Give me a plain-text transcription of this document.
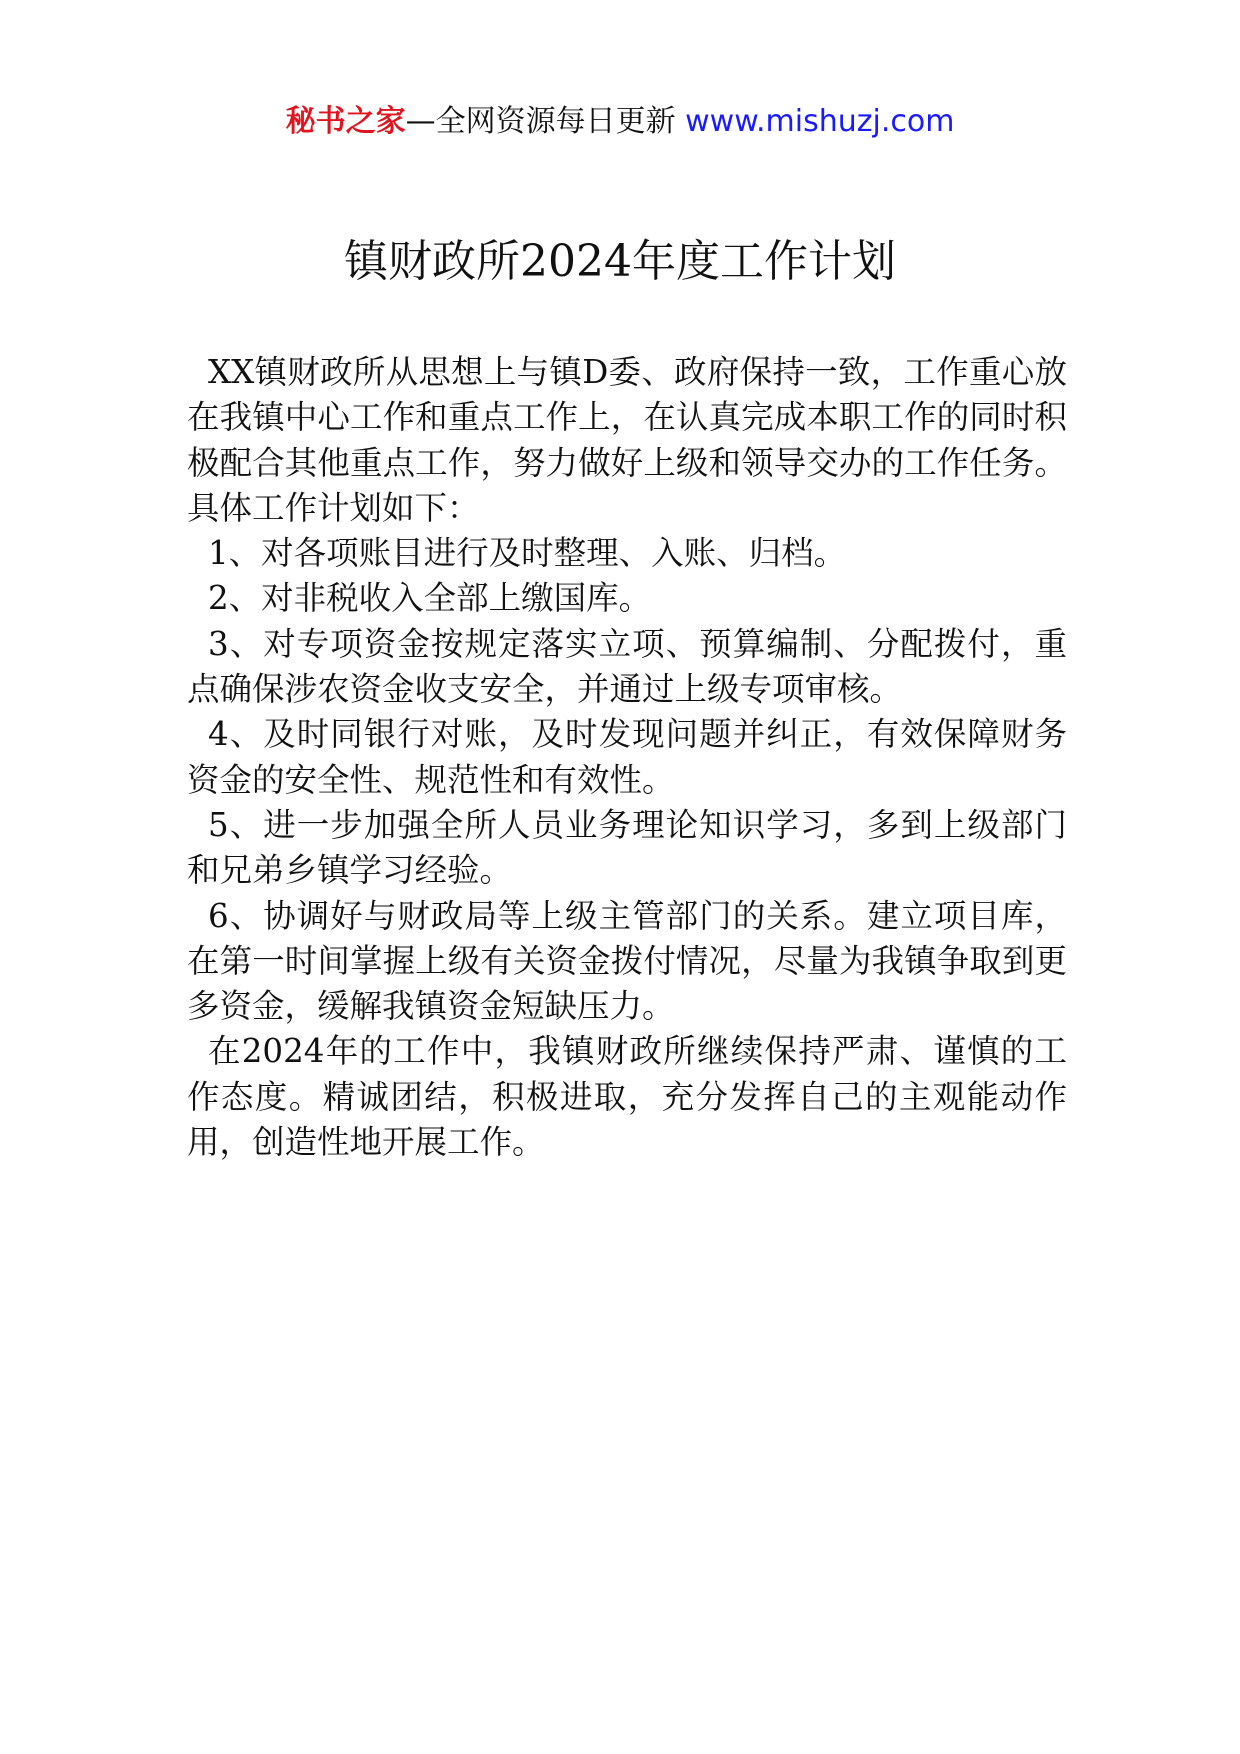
秘书之家—全网资源每日更新 www.mishuzj.com
镇财政所2024年度工作计划

XX镇财政所从思想上与镇D委、政府保持一致，工作重心放在我镇中心工作和重点工作上，在认真完成本职工作的同时积极配合其他重点工作，努力做好上级和领导交办的工作任务。具体工作计划如下：

1、对各项账目进行及时整理、入账、归档。

2、对非税收入全部上缴国库。

3、对专项资金按规定落实立项、预算编制、分配拨付，重点确保涉农资金收支安全，并通过上级专项审核。

4、及时同银行对账，及时发现问题并纠正，有效保障财务资金的安全性、规范性和有效性。

5、进一步加强全所人员业务理论知识学习，多到上级部门和兄弟乡镇学习经验。

6、协调好与财政局等上级主管部门的关系。建立项目库，在第一时间掌握上级有关资金拨付情况，尽量为我镇争取到更多资金，缓解我镇资金短缺压力。

在2024年的工作中，我镇财政所继续保持严肃、谨慎的工作态度。精诚团结，积极进取，充分发挥自己的主观能动作用，创造性地开展工作。
